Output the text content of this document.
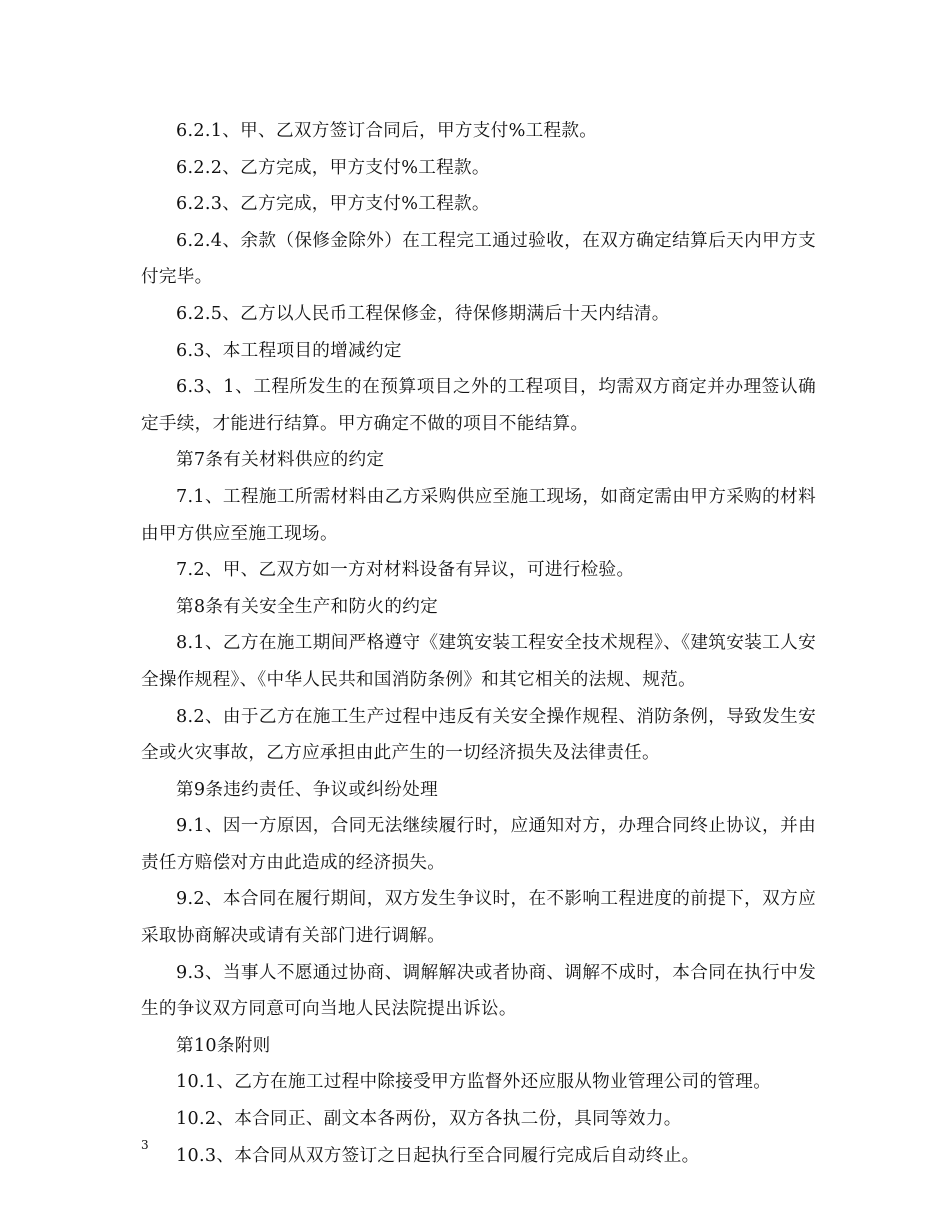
6.2.1、甲、乙双方签订合同后，甲方支付%工程款。

6.2.2、乙方完成，甲方支付%工程款。

6.2.3、乙方完成，甲方支付%工程款。

6.2.4、余款（保修金除外）在工程完工通过验收，在双方确定结算后天内甲方支付完毕。

6.2.5、乙方以人民币工程保修金，待保修期满后十天内结清。

6.3、本工程项目的增减约定

6.3、1、工程所发生的在预算项目之外的工程项目，均需双方商定并办理签认确定手续，才能进行结算。甲方确定不做的项目不能结算。

第7条有关材料供应的约定

7.1、工程施工所需材料由乙方采购供应至施工现场，如商定需由甲方采购的材料由甲方供应至施工现场。

7.2、甲、乙双方如一方对材料设备有异议，可进行检验。

第8条有关安全生产和防火的约定

8.1、乙方在施工期间严格遵守《建筑安装工程安全技术规程》、《建筑安装工人安全操作规程》、《中华人民共和国消防条例》和其它相关的法规、规范。

8.2、由于乙方在施工生产过程中违反有关安全操作规程、消防条例，导致发生安全或火灾事故，乙方应承担由此产生的一切经济损失及法律责任。

第9条违约责任、争议或纠纷处理

9.1、因一方原因，合同无法继续履行时，应通知对方，办理合同终止协议，并由责任方赔偿对方由此造成的经济损失。

9.2、本合同在履行期间，双方发生争议时，在不影响工程进度的前提下，双方应采取协商解决或请有关部门进行调解。

9.3、当事人不愿通过协商、调解解决或者协商、调解不成时，本合同在执行中发生的争议双方同意可向当地人民法院提出诉讼。

第10条附则

10.1、乙方在施工过程中除接受甲方监督外还应服从物业管理公司的管理。

10.2、本合同正、副文本各两份，双方各执二份，具同等效力。

10.3、本合同从双方签订之日起执行至合同履行完成后自动终止。

3
